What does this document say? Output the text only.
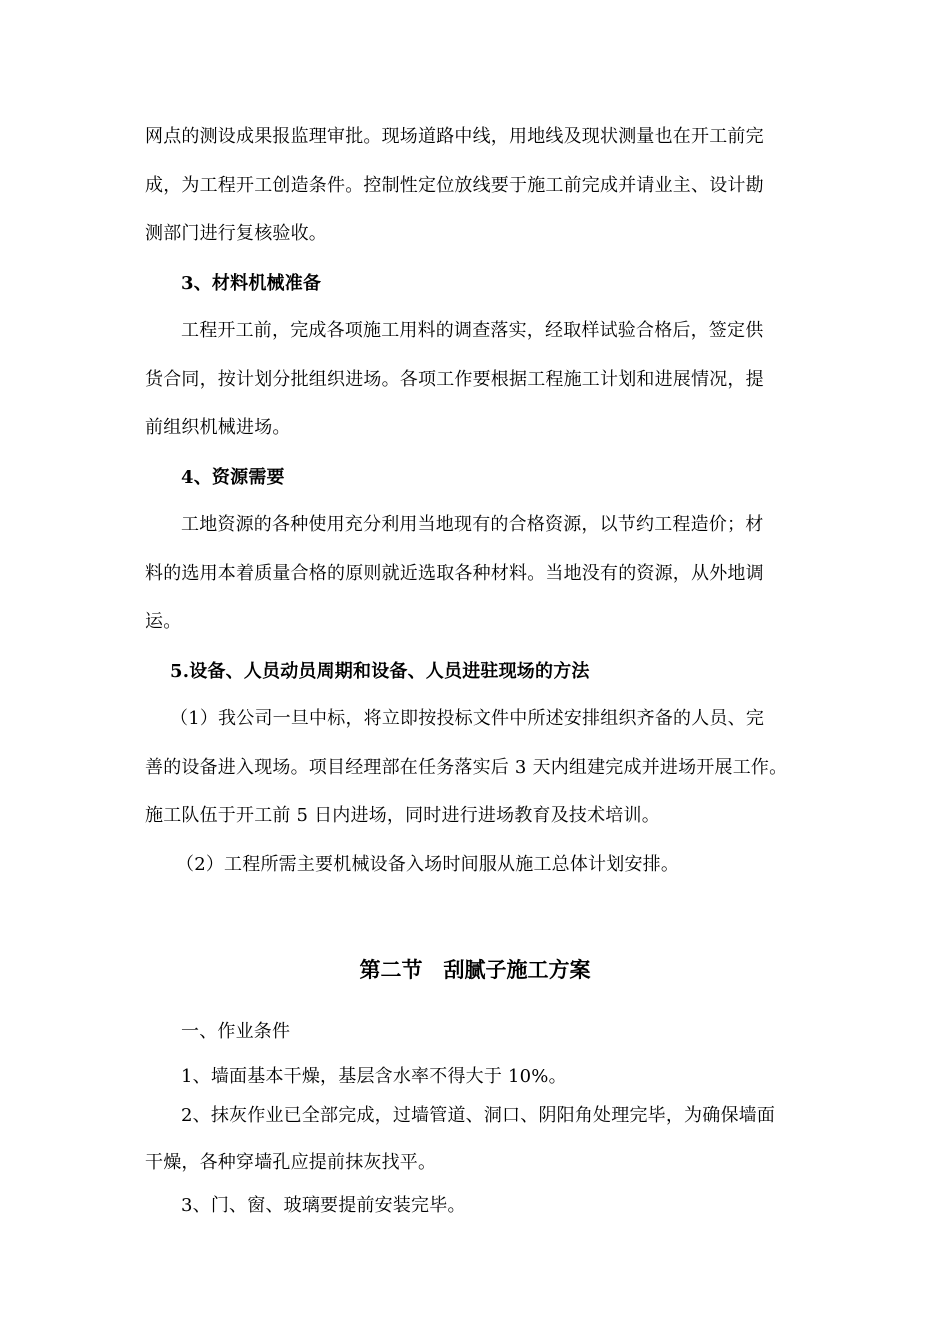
网点的测设成果报监理审批。现场道路中线，用地线及现状测量也在开工前完
成，为工程开工创造条件。控制性定位放线要于施工前完成并请业主、设计勘
测部门进行复核验收。
3、材料机械准备
工程开工前，完成各项施工用料的调查落实，经取样试验合格后，签定供
货合同，按计划分批组织进场。各项工作要根据工程施工计划和进展情况，提
前组织机械进场。
4、资源需要
工地资源的各种使用充分利用当地现有的合格资源，以节约工程造价；材
料的选用本着质量合格的原则就近选取各种材料。当地没有的资源，从外地调
运。
5.设备、人员动员周期和设备、人员进驻现场的方法
（1）我公司一旦中标，将立即按投标文件中所述安排组织齐备的人员、完
善的设备进入现场。项目经理部在任务落实后 3 天内组建完成并进场开展工作。
施工队伍于开工前 5 日内进场，同时进行进场教育及技术培训。
（2）工程所需主要机械设备入场时间服从施工总体计划安排。
第二节　刮腻子施工方案
一、作业条件
1、墙面基本干燥，基层含水率不得大于 10%。
2、抹灰作业已全部完成，过墙管道、洞口、阴阳角处理完毕，为确保墙面
干燥，各种穿墙孔应提前抹灰找平。
3、门、窗、玻璃要提前安装完毕。
